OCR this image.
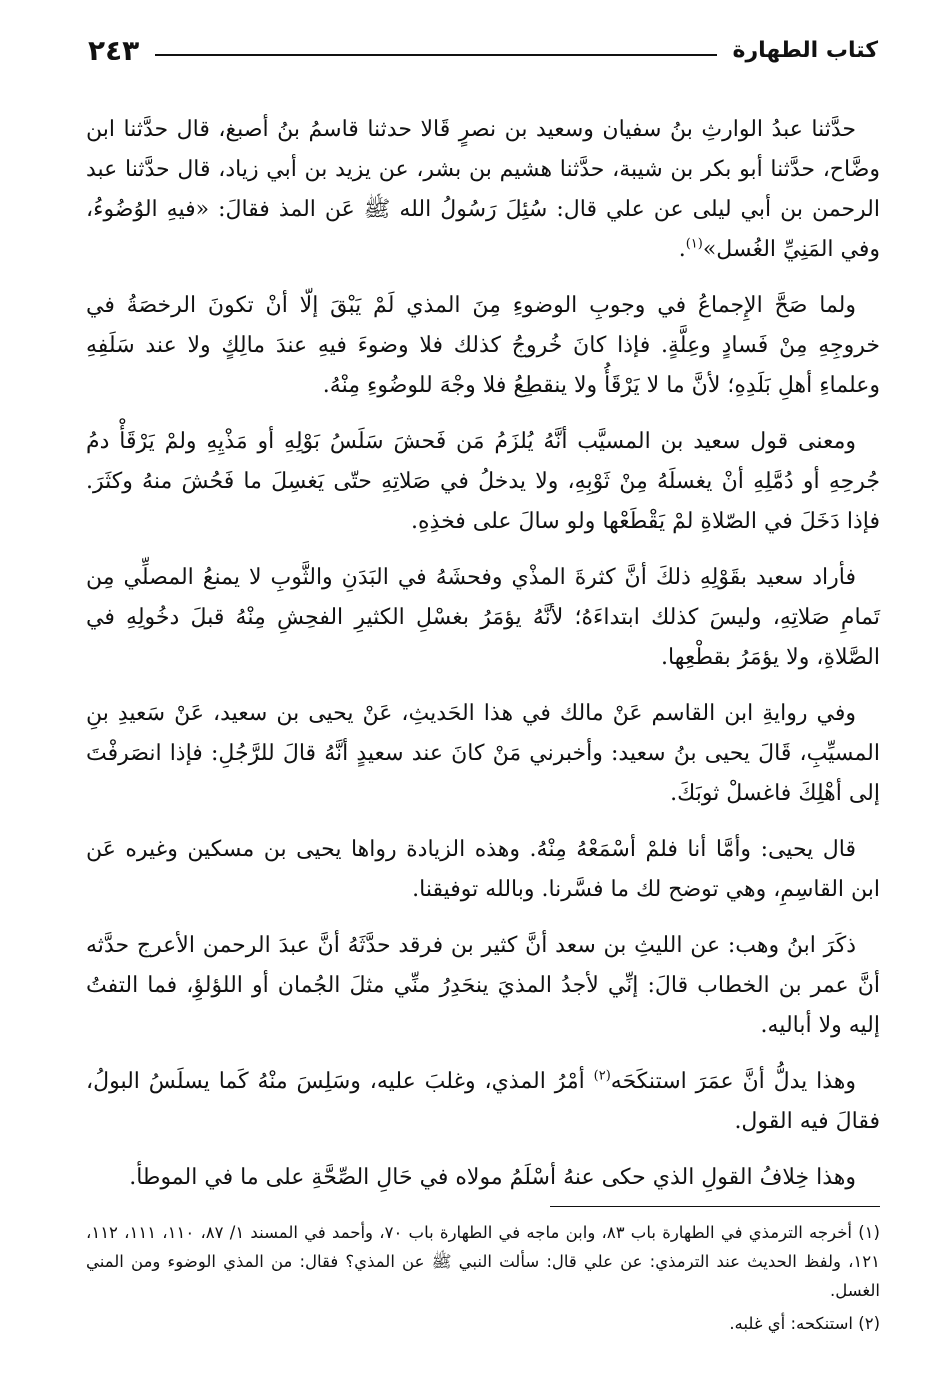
كتاب الطهارة
٢٤٣

حدَّثنا عبدُ الوارثِ بنُ سفيان وسعيد بن نصرٍ قَالا حدثنا قاسمُ بنُ أصبغ، قال حدَّثنا ابن وضَّاح، حدَّثنا أبو بكر بن شيبة، حدَّثنا هشيم بن بشر، عن يزيد بن أبي زياد، قال حدَّثنا عبد الرحمن بن أبي ليلى عن علي قال: سُئِلَ رَسُولُ الله ﷺ عَن المذ فقالَ: «فيهِ الوُضُوءُ، وفي المَنِيِّ الغُسل»$^{(١)}$.

ولما صَحَّ الإِجماعُ في وجوبِ الوضوءِ مِنَ المذي لَمْ يَبْقَ إلّا أنْ تكونَ الرخصَةُ في خروجِهِ مِنْ فَسادٍ وعِلَّةٍ. فإذا كانَ خُروجُ كذلك فلا وضوءَ فيهِ عندَ مالِكٍ ولا عند سَلَفِهِ وعلماءِ أهلِ بَلَدِهِ؛ لأنَّ ما لا يَرْقَأُ ولا ينقطِعُ فلا وجْهَ للوضُوءِ مِنْهُ.

ومعنى قول سعيد بن المسيَّب أنَّهُ يُلزَمُ مَن فَحشَ سَلَسُ بَوْلِهِ أو مَذْيِهِ ولمْ يَرْقَأْ دمُ جُرحِهِ أو دُمَّلِهِ أنْ يغسلَهُ مِنْ ثَوْبِهِ، ولا يدخلُ في صَلاتِهِ حتّى يَغسِلَ ما فَحُشَ منهُ وكثَرَ. فإذا دَخَلَ في الصّلاةِ لمْ يَقْطَعْها ولو سالَ على فخذِهِ.

فأراد سعيد بقَوْلِهِ ذلكَ أنَّ كثرةَ المذْي وفحشَهُ في البَدَنِ والثَّوبِ لا يمنعُ المصلِّي مِن تَمامِ صَلاتِهِ، وليسَ كذلك ابتداءَهُ؛ لأنَّهُ يؤمَرُ بغسْلِ الكثيرِ الفحِشِ مِنْهُ قبلَ دخُولِهِ في الصَّلاةِ، ولا يؤمَرُ بقطْعِها.

وفي روايةِ ابن القاسم عَنْ مالك في هذا الحَديثِ، عَنْ يحيى بن سعيد، عَنْ سَعيدِ بنِ المسيِّبِ، قَالَ يحيى بنُ سعيد: وأخبرني مَنْ كانَ عند سعيدٍ أنَّهُ قالَ للرَّجُلِ: فإذا انصَرفْتَ إلى أهْلِكَ فاغسلْ ثوبَكَ.

قال يحيى: وأمَّا أنا فلمْ أسْمَعْهُ مِنْهُ. وهذه الزيادة رواها يحيى بن مسكين وغيره عَن ابن القاسِمِ، وهي توضح لك ما فسَّرنا. وبالله توفيقنا.

ذكَرَ ابنُ وهب: عن الليثِ بن سعد أنَّ كثير بن فرقد حدَّثَهُ أنَّ عبدَ الرحمن الأعرج حدَّثه أنَّ عمر بن الخطاب قالَ: إنِّي لأجدُ المذيَ ينحَدِرُ منِّي مثلَ الجُمان أو اللؤلؤِ، فما التفتُ إليه ولا أباليه.

وهذا يدلُّ أنَّ عمَرَ استنكَحَه$^{(٢)}$ أمْرُ المذي، وغلبَ عليه، وسَلِسَ منْهُ كَما يسلَسُ البولُ، فقالَ فيه القول.

وهذا خِلافُ القولِ الذي حكى عنهُ أسْلَمُ مولاه في حَالِ الصِّحَّةِ على ما في الموطأ.

(١) أخرجه الترمذي في الطهارة باب ٨٣، وابن ماجه في الطهارة باب ٧٠، وأحمد في المسند ١/ ٨٧، ١١٠، ١١١، ١١٢، ١٢١، ولفظ الحديث عند الترمذي: عن علي قال: سألت النبي ﷺ عن المذي؟ فقال: من المذي الوضوء ومن المني الغسل.

(٢) استنكحه: أي غلبه.
